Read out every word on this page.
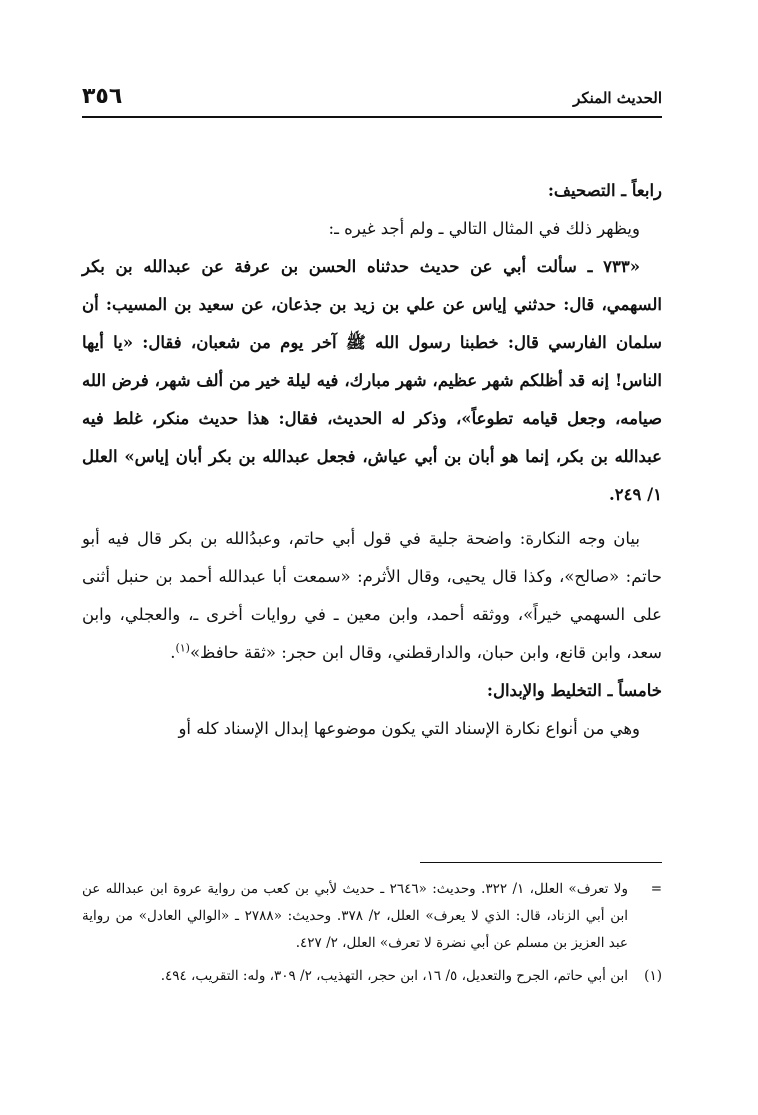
الحديث المنكر
٣٥٦

رابعاً ـ التصحيف:

ويظهر ذلك في المثال التالي ـ ولم أجد غيره ـ:

«٧٣٣ ـ سألت أبي عن حديث حدثناه الحسن بن عرفة عن عبدالله بن بكر السهمي، قال: حدثني إياس عن علي بن زيد بن جذعان، عن سعيد بن المسيب: أن سلمان الفارسي قال: خطبنا رسول الله ﷺ آخر يوم من شعبان، فقال: «يا أيها الناس! إنه قد أظلكم شهر عظيم، شهر مبارك، فيه ليلة خير من ألف شهر، فرض الله صيامه، وجعل قيامه تطوعاً»، وذكر له الحديث، فقال: هذا حديث منكر، غلط فيه عبدالله بن بكر، إنما هو أبان بن أبي عياش، فجعل عبدالله بن بكر أبان إياس» العلل ١/ ٢٤٩.

بيان وجه النكارة: واضحة جلية في قول أبي حاتم، وعبدُالله بن بكر قال فيه أبو حاتم: «صالح»، وكذا قال يحيى، وقال الأثرم: «سمعت أبا عبدالله أحمد بن حنبل أثنى على السهمي خيراً»، ووثقه أحمد، وابن معين ـ في روايات أخرى ـ، والعجلي، وابن سعد، وابن قانع، وابن حبان، والدارقطني، وقال ابن حجر: «ثقة حافظ»$^{(١)}$.

خامساً ـ التخليط والإبدال:

وهي من أنواع نكارة الإسناد التي يكون موضوعها إبدال الإسناد كله أو

=
ولا تعرف» العلل، ١/ ٣٢٢. وحديث: «٢٦٤٦ ـ حديث لأبي بن كعب من رواية عروة ابن عبدالله عن ابن أبي الزناد، قال: الذي لا يعرف» العلل، ٢/ ٣٧٨. وحديث: «٢٧٨٨ ـ «الوالي العادل» من رواية عبد العزيز بن مسلم عن أبي نضرة لا تعرف» العلل، ٢/ ٤٢٧.
(١)
ابن أبي حاتم، الجرح والتعديل، ٥/ ١٦، ابن حجر، التهذيب، ٢/ ٣٠٩، وله: التقريب، ٤٩٤.
